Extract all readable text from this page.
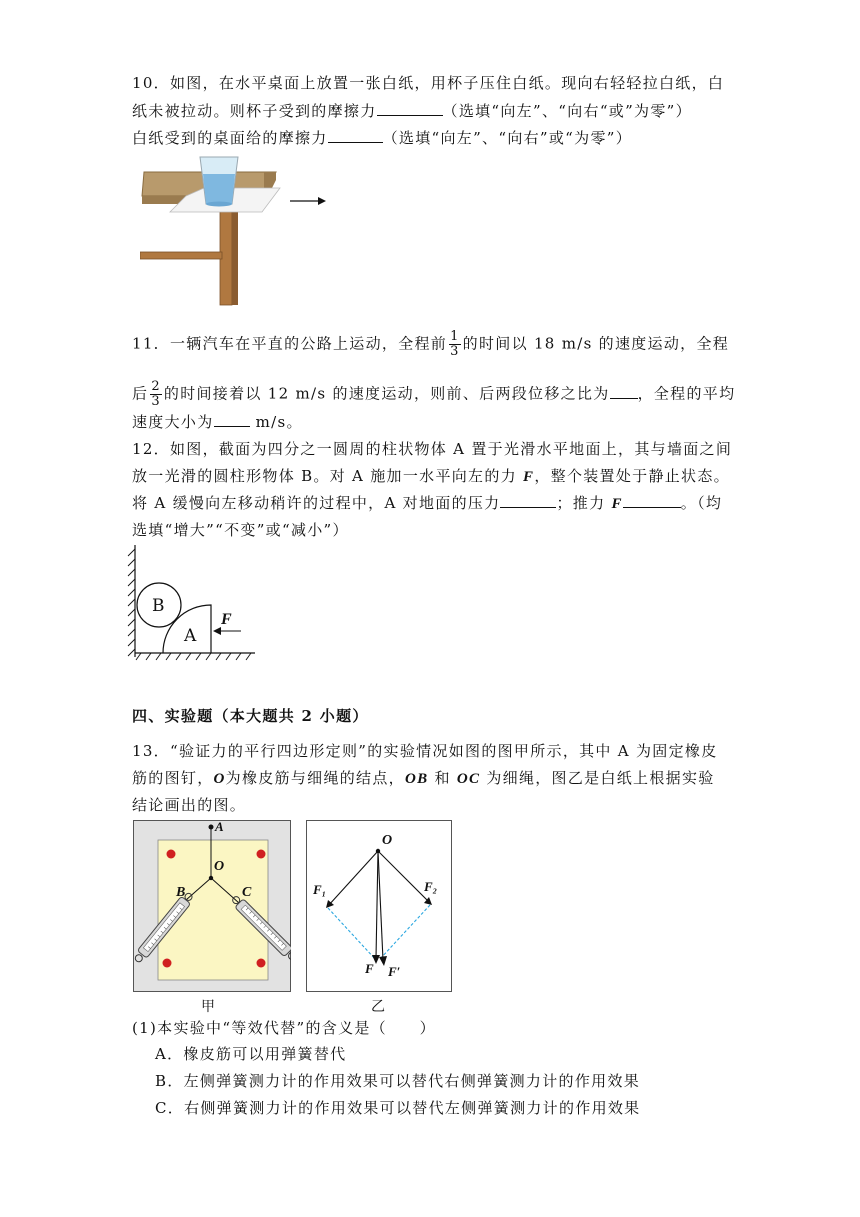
10．如图，在水平桌面上放置一张白纸，用杯子压住白纸。现向右轻轻拉白纸，白
纸未被拉动。则杯子受到的摩擦力	（选填“向左”、“向右“或”为零”）
白纸受到的桌面给的摩擦力	（选填“向左”、“向右”或“为零”）
11．一辆汽车在平直的公路上运动，全程前 $\frac{1}{3}$ 的时间以 18 m/s 的速度运动，全程
后 $\frac{2}{3}$ 的时间接着以 12 m/s 的速度运动，则前、后两段位移之比为 ，全程的平均
速度大小为 m/s。
12．如图，截面为四分之一圆周的柱状物体 A 置于光滑水平地面上，其与墙面之间
放一光滑的圆柱形物体 B。对 A 施加一水平向左的力 F，整个装置处于静止状态。
将 A 缓慢向左移动稍许的过程中，A 对地面的压力	；推力 F	。（均
选填“增大”“不变”或“减小”）
B
A
F
四、实验题（本大题共 2 小题）
13．“验证力的平行四边形定则”的实验情况如图的图甲所示，其中 A 为固定橡皮
筋的图钉，O为橡皮筋与细绳的结点，OB 和 OC 为细绳，图乙是白纸上根据实验
结论画出的图。
A
O
B	C
甲
O
F₁	F₂
F F′
乙
(1)本实验中“等效代替”的含义是（　　）
A．橡皮筋可以用弹簧替代
B．左侧弹簧测力计的作用效果可以替代右侧弹簧测力计的作用效果
C．右侧弹簧测力计的作用效果可以替代左侧弹簧测力计的作用效果
